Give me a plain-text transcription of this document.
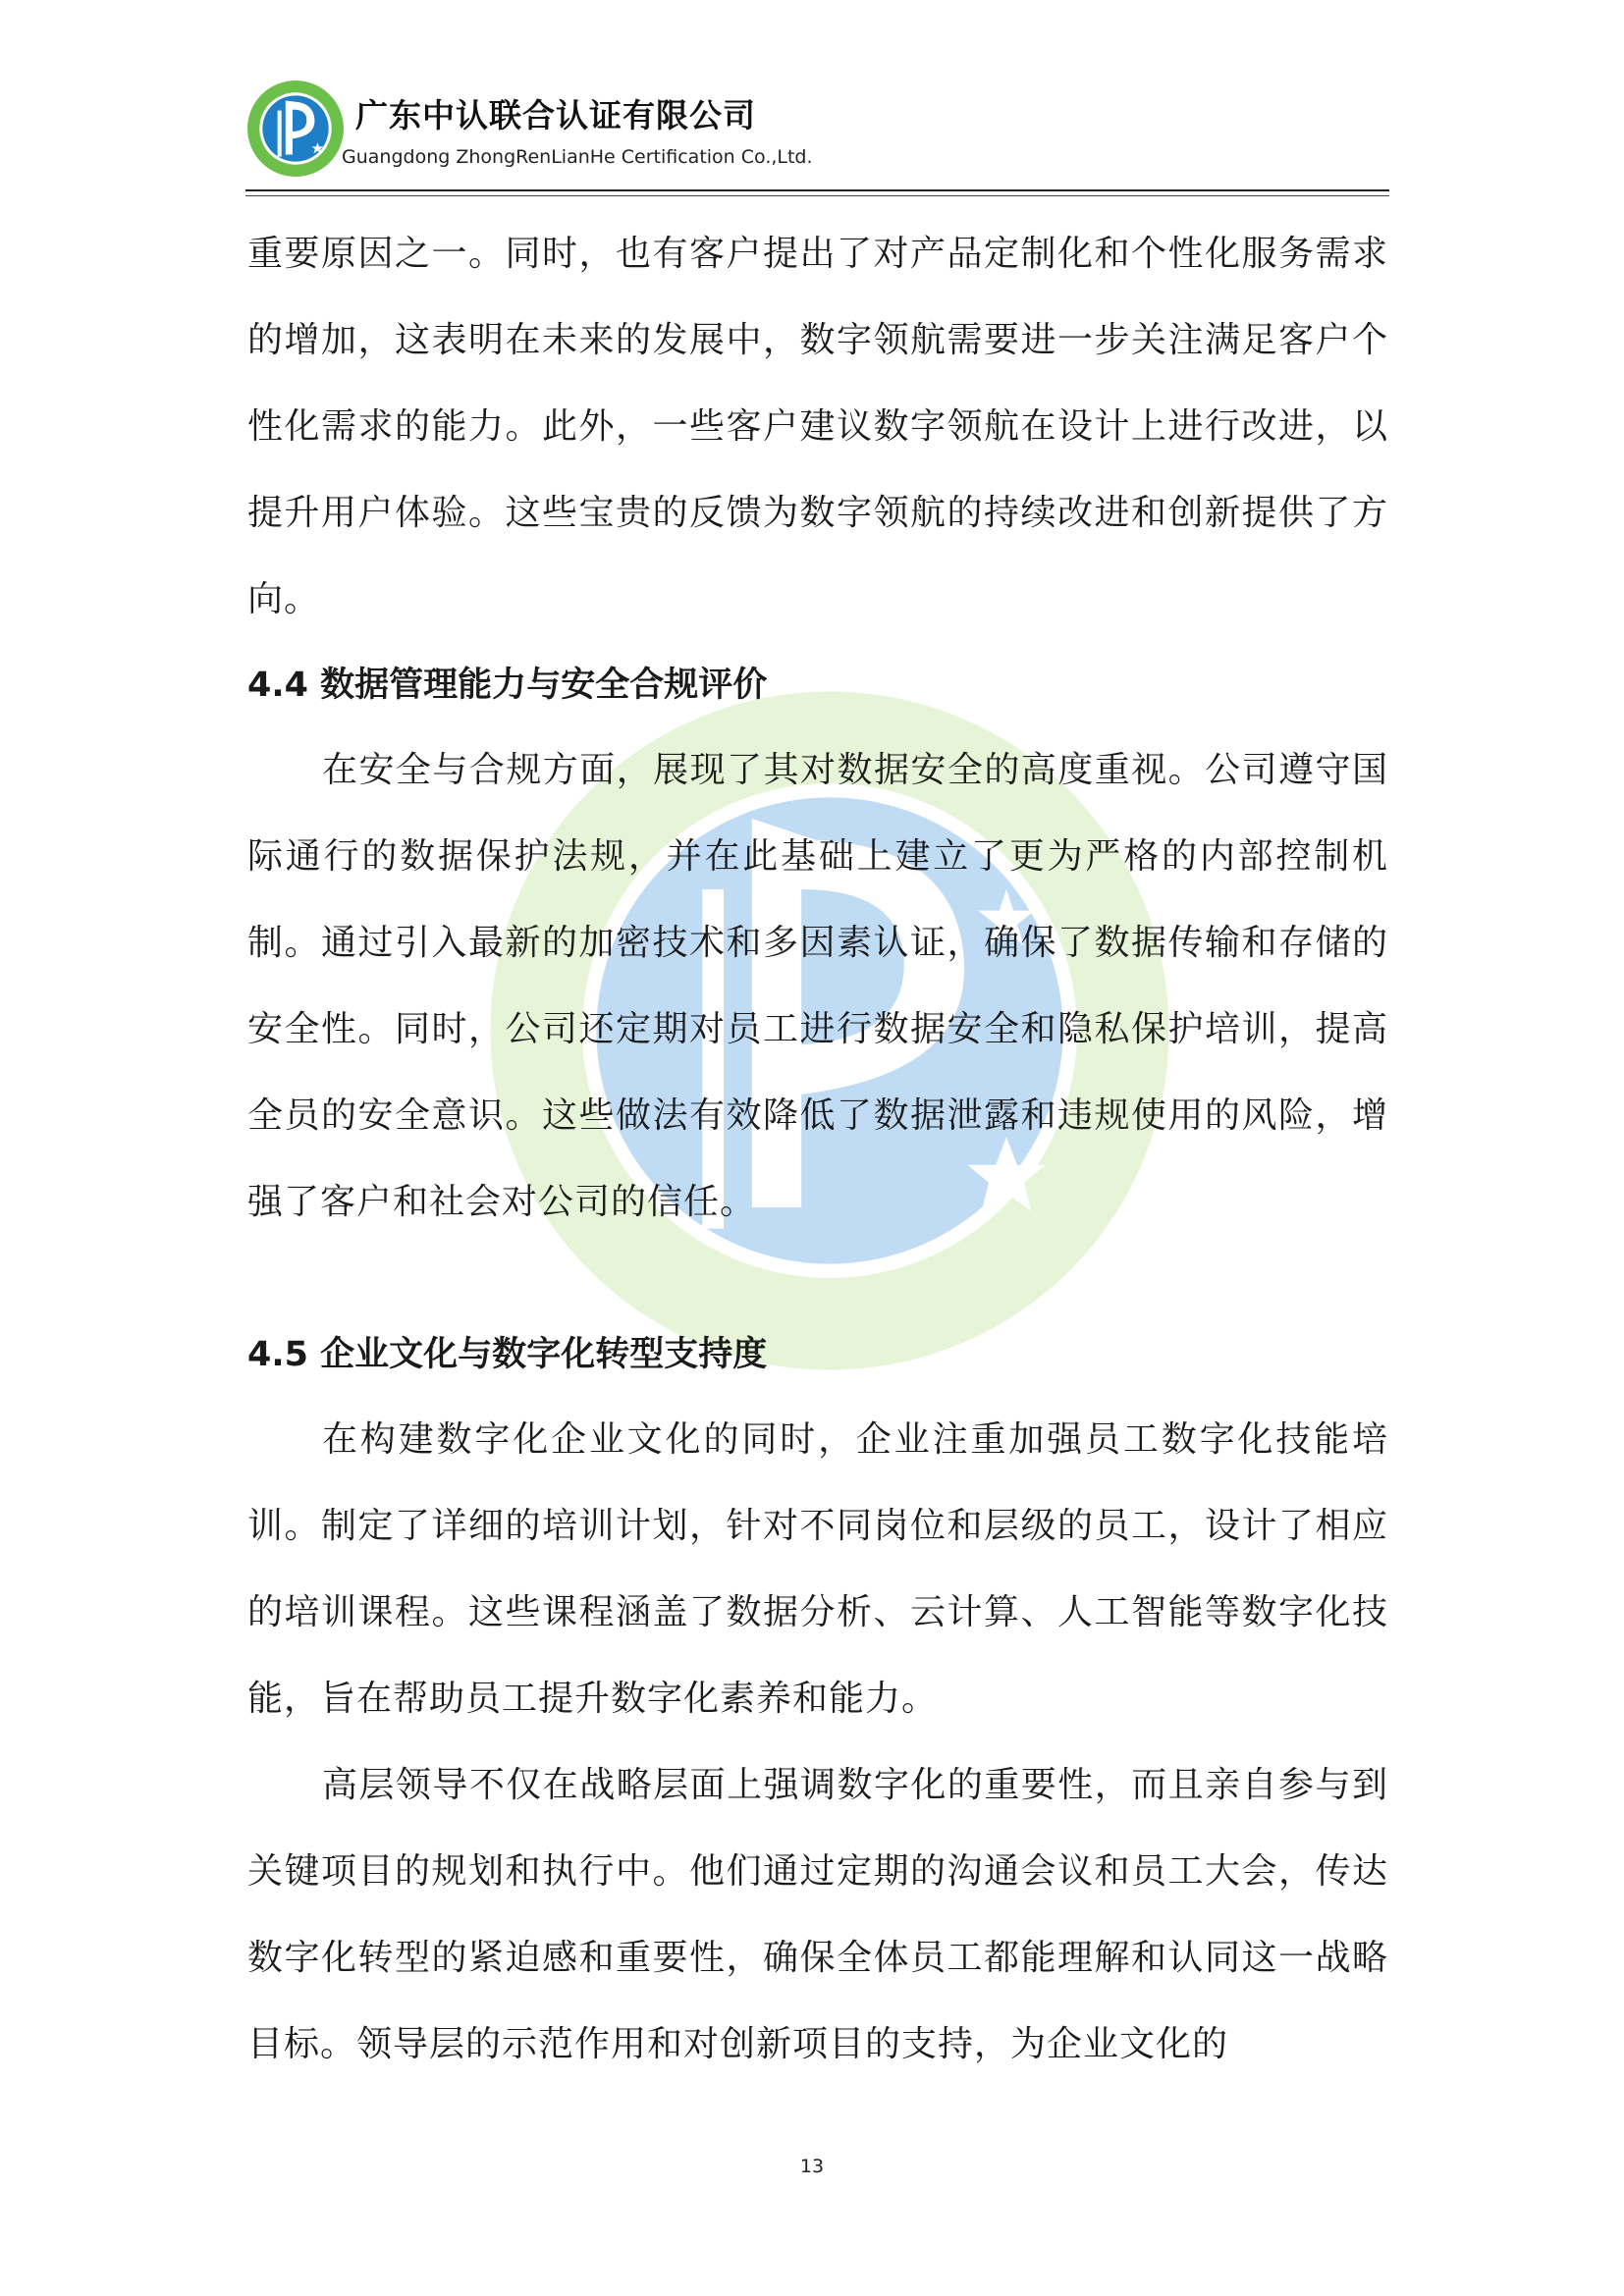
广东中认联合认证有限公司
Guangdong ZhongRenLianHe Certification Co.,Ltd.

重要原因之一。同时，也有客户提出了对产品定制化和个性化服务需求的增加，这表明在未来的发展中，数字领航需要进一步关注满足客户个性化需求的能力。此外，一些客户建议数字领航在设计上进行改进，以提升用户体验。这些宝贵的反馈为数字领航的持续改进和创新提供了方向。

4.4 数据管理能力与安全合规评价

在安全与合规方面，展现了其对数据安全的高度重视。公司遵守国际通行的数据保护法规，并在此基础上建立了更为严格的内部控制机制。通过引入最新的加密技术和多因素认证，确保了数据传输和存储的安全性。同时，公司还定期对员工进行数据安全和隐私保护培训，提高全员的安全意识。这些做法有效降低了数据泄露和违规使用的风险，增强了客户和社会对公司的信任。

4.5 企业文化与数字化转型支持度

在构建数字化企业文化的同时，企业注重加强员工数字化技能培训。制定了详细的培训计划，针对不同岗位和层级的员工，设计了相应的培训课程。这些课程涵盖了数据分析、云计算、人工智能等数字化技能，旨在帮助员工提升数字化素养和能力。

高层领导不仅在战略层面上强调数字化的重要性，而且亲自参与到关键项目的规划和执行中。他们通过定期的沟通会议和员工大会，传达数字化转型的紧迫感和重要性，确保全体员工都能理解和认同这一战略目标。领导层的示范作用和对创新项目的支持，为企业文化的

13
